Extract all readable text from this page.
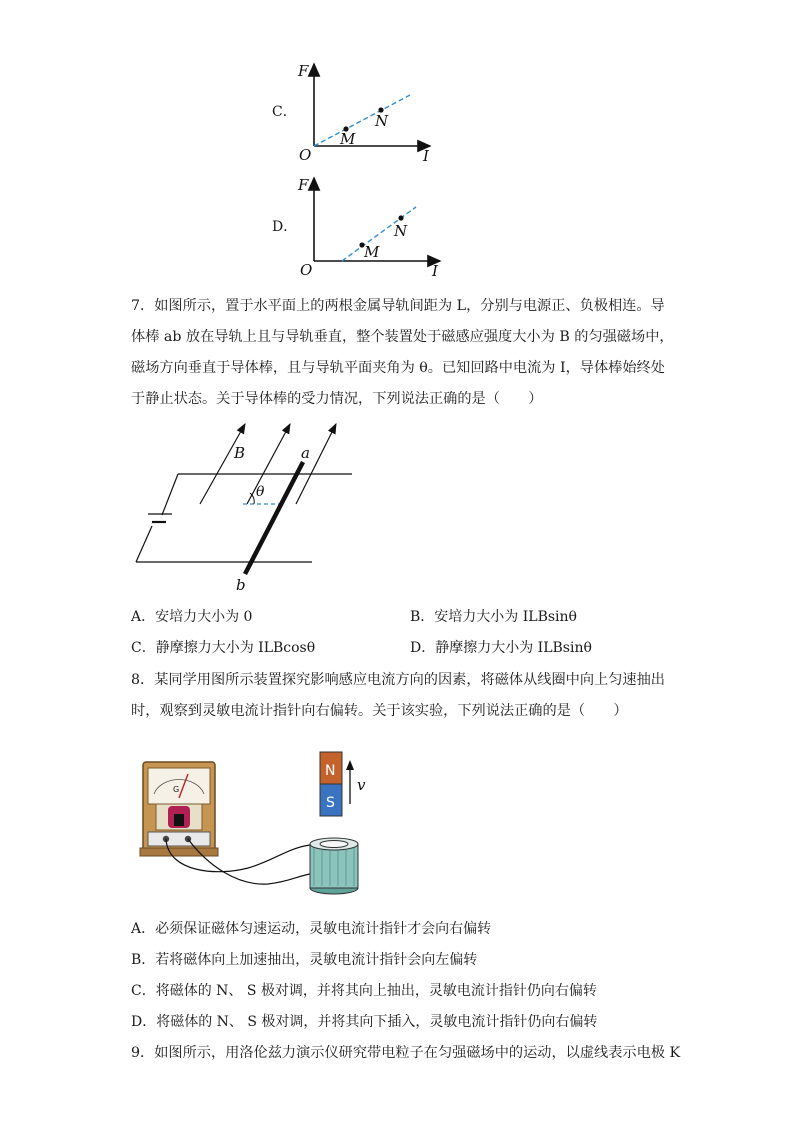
C．
F
I
O
M
N
D．
F
I
O
M
N
7．如图所示，置于水平面上的两根金属导轨间距为 L，分别与电源正、负极相连。导
体棒 ab 放在导轨上且与导轨垂直，整个装置处于磁感应强度大小为 B 的匀强磁场中，
磁场方向垂直于导体棒，且与导轨平面夹角为 θ。已知回路中电流为 I，导体棒始终处
于静止状态。关于导体棒的受力情况，下列说法正确的是（　　）
B	a
b
θ
A．安培力大小为 0	B．安培力大小为 ILBsinθ
C．静摩擦力大小为 ILBcosθ	D．静摩擦力大小为 ILBsinθ
8．某同学用图所示装置探究影响感应电流方向的因素，将磁体从线圈中向上匀速抽出
时，观察到灵敏电流计指针向右偏转。关于该实验，下列说法正确的是（　　）
G
N
S
v
A．必须保证磁体匀速运动，灵敏电流计指针才会向右偏转
B．若将磁体向上加速抽出，灵敏电流计指针会向左偏转
C．将磁体的 N、 S 极对调，并将其向上抽出，灵敏电流计指针仍向右偏转
D．将磁体的 N、 S 极对调，并将其向下插入，灵敏电流计指针仍向右偏转
9．如图所示，用洛伦兹力演示仪研究带电粒子在匀强磁场中的运动，以虚线表示电极 K
